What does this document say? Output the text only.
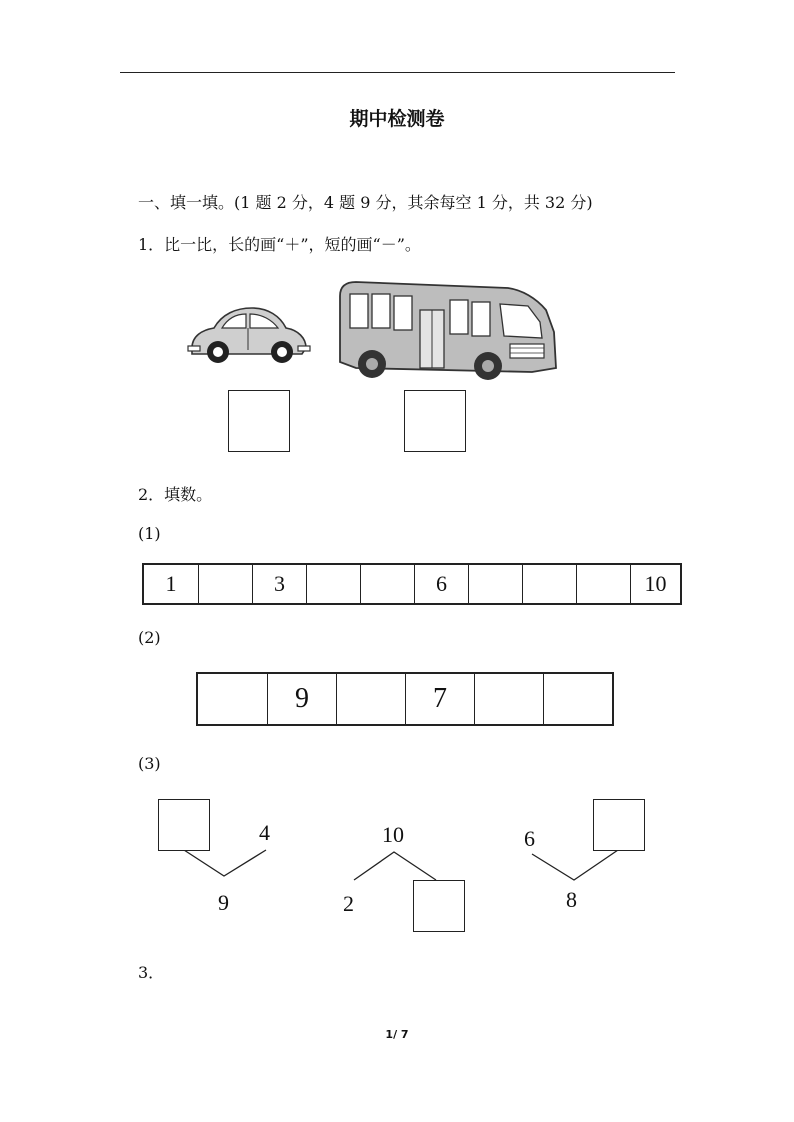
期中检测卷
一、填一填。(1 题 2 分，4 题 9 分，其余每空 1 分，共 32 分)
1．比一比，长的画“＋”，短的画“－”。
2．填数。
(1)
1	3	6	10
(2)
9	7
(3)
4
9
10
2
6
8
3．
1/ 7
